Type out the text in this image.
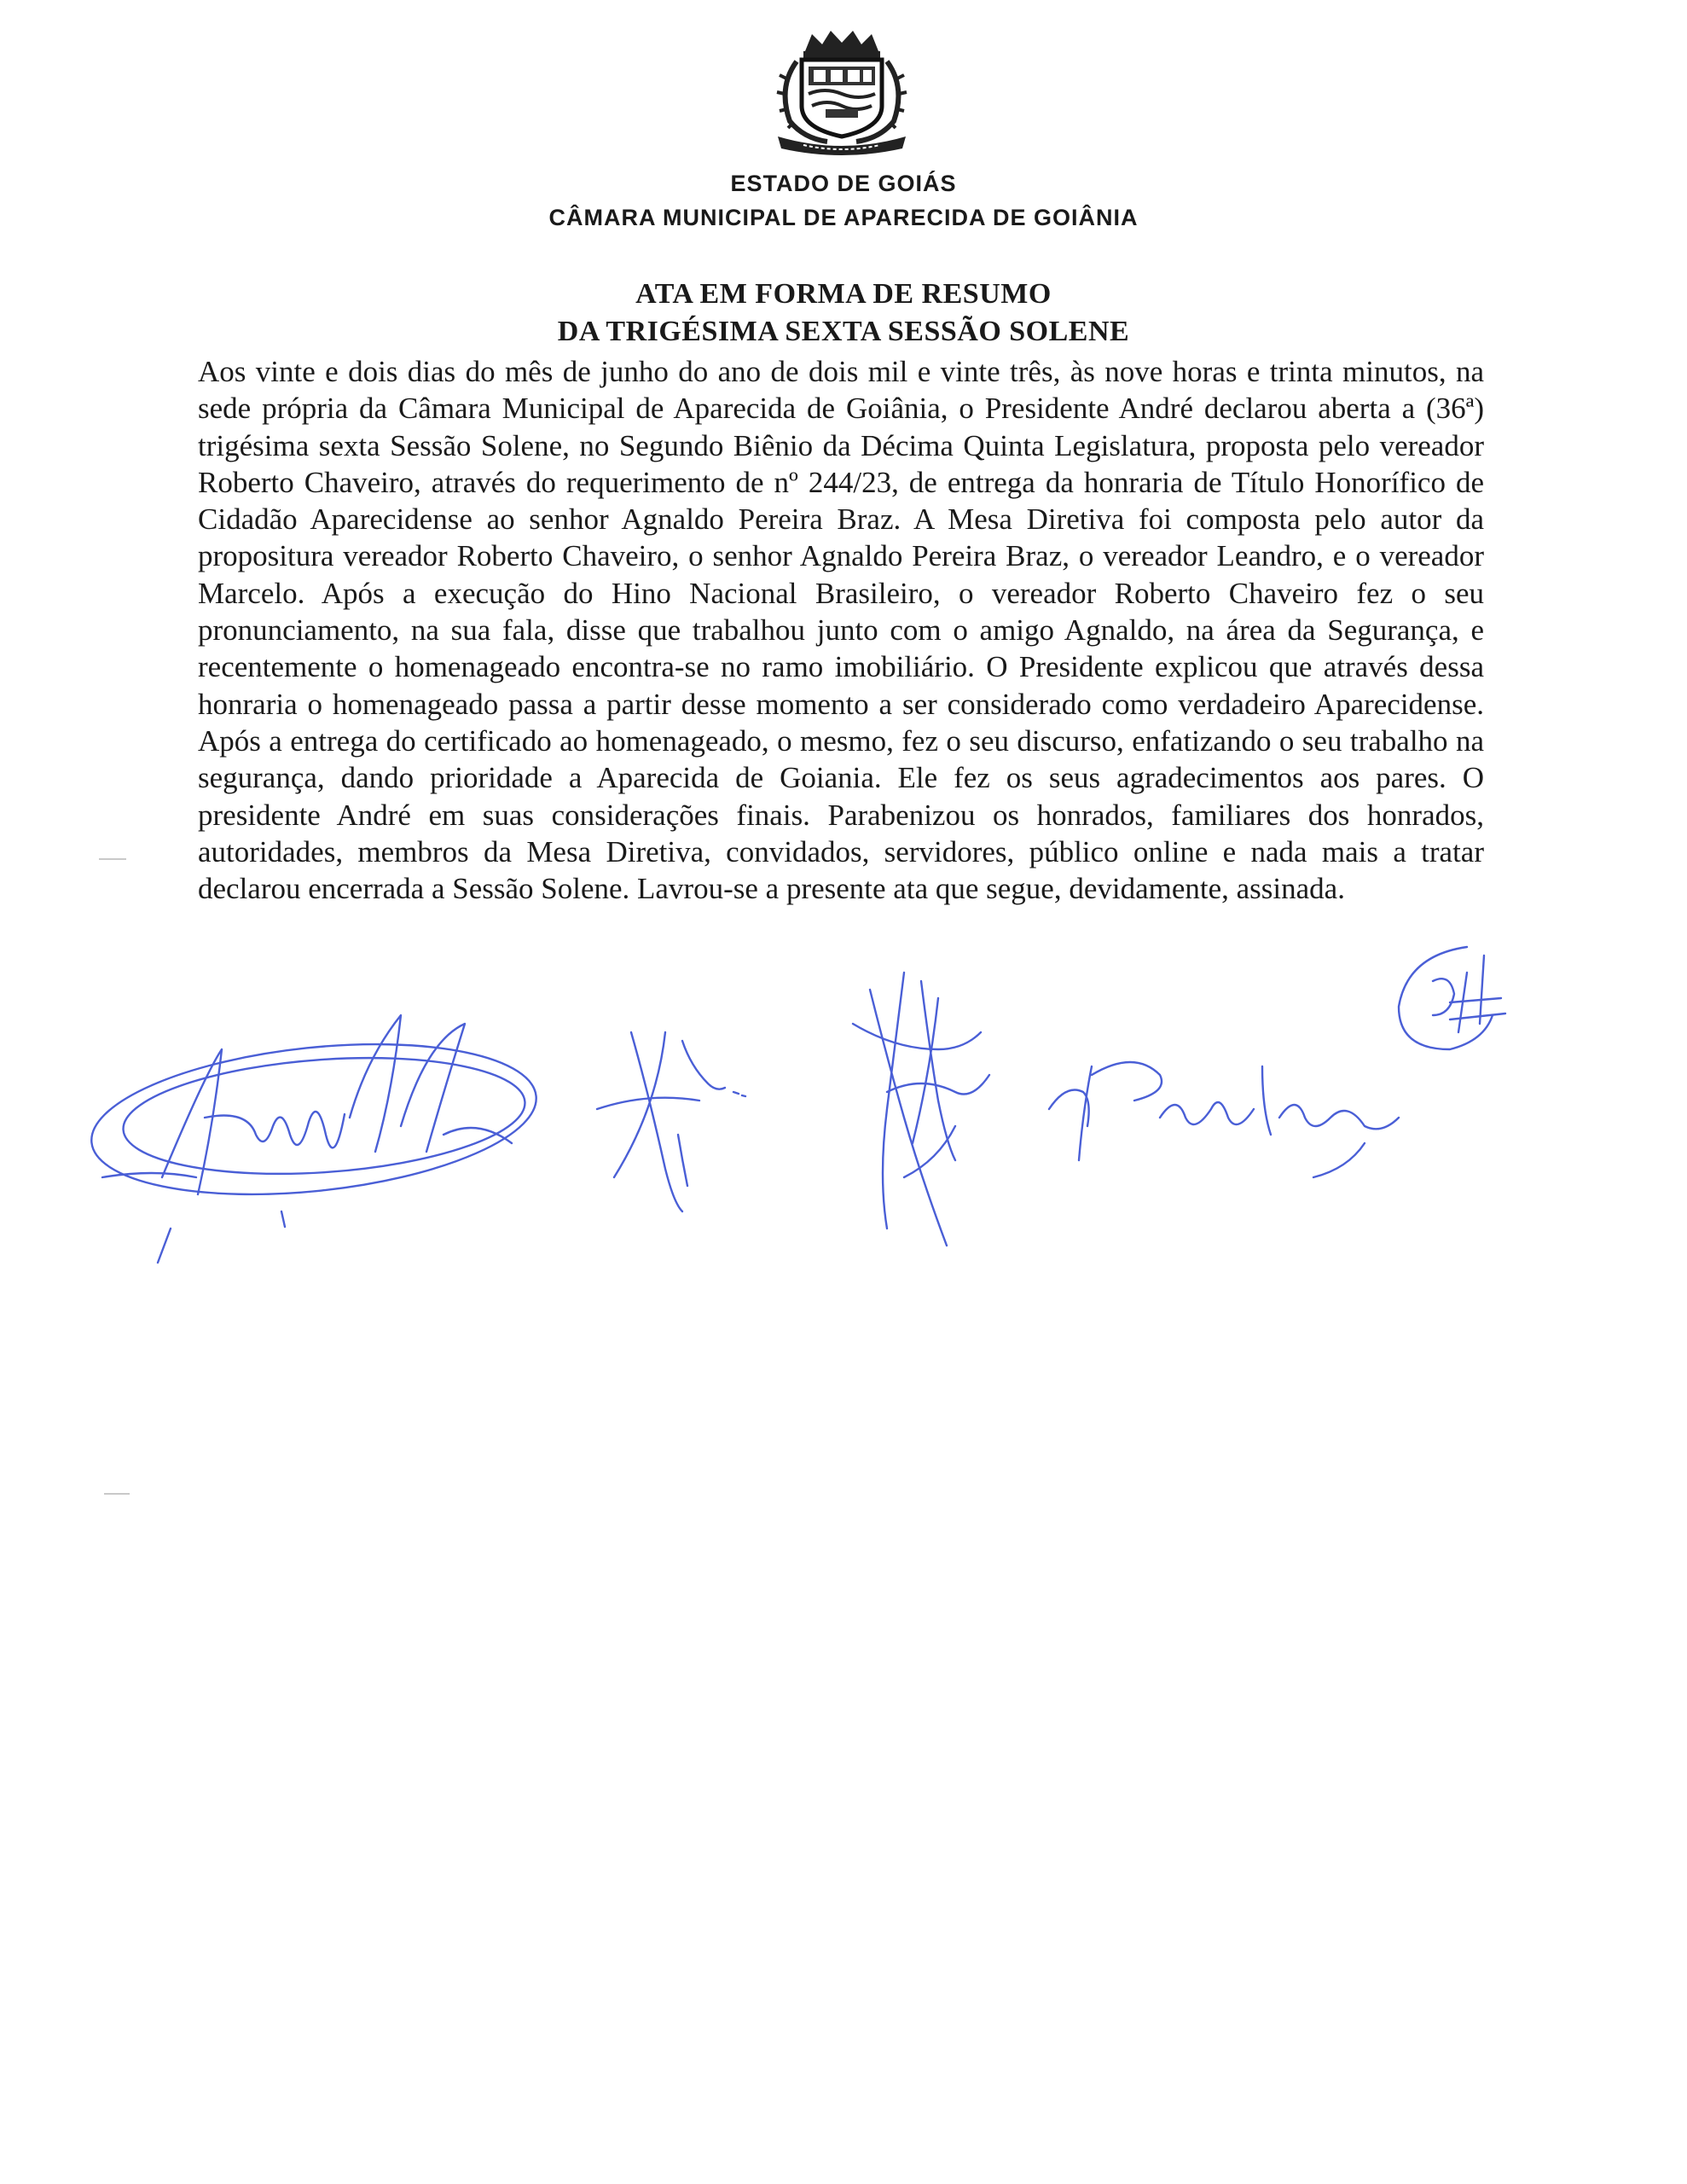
ESTADO DE GOIÁS
CÂMARA MUNICIPAL DE APARECIDA DE GOIÂNIA
ATA EM FORMA DE RESUMO
DA TRIGÉSIMA SEXTA SESSÃO SOLENE
Aos vinte e dois dias do mês de junho do ano de dois mil e vinte três, às nove horas e trinta minutos, na sede própria da Câmara Municipal de Aparecida de Goiânia, o Presidente André declarou aberta a (36ª) trigésima sexta Sessão Solene, no Segundo Biênio da Décima Quinta Legislatura, proposta pelo vereador Roberto Chaveiro, através do requerimento de nº 244/23, de entrega da honraria de Título Honorífico de Cidadão Aparecidense ao senhor Agnaldo Pereira Braz. A Mesa Diretiva foi composta pelo autor da propositura vereador Roberto Chaveiro, o senhor Agnaldo Pereira Braz, o vereador Leandro, e o vereador Marcelo. Após a execução do Hino Nacional Brasileiro, o vereador Roberto Chaveiro fez o seu pronunciamento, na sua fala, disse que trabalhou junto com o amigo Agnaldo, na área da Segurança, e recentemente o homenageado encontra-se no ramo imobiliário. O Presidente explicou que através dessa honraria o homenageado passa a partir desse momento a ser considerado como verdadeiro Aparecidense. Após a entrega do certificado ao homenageado, o mesmo, fez o seu discurso, enfatizando o seu trabalho na segurança, dando prioridade a Aparecida de Goiania. Ele fez os seus agradecimentos aos pares. O presidente André em suas considerações finais. Parabenizou os honrados, familiares dos honrados, autoridades, membros da Mesa Diretiva, convidados, servidores, público online e nada mais a tratar declarou encerrada a Sessão Solene. Lavrou-se a presente ata que segue, devidamente, assinada.
